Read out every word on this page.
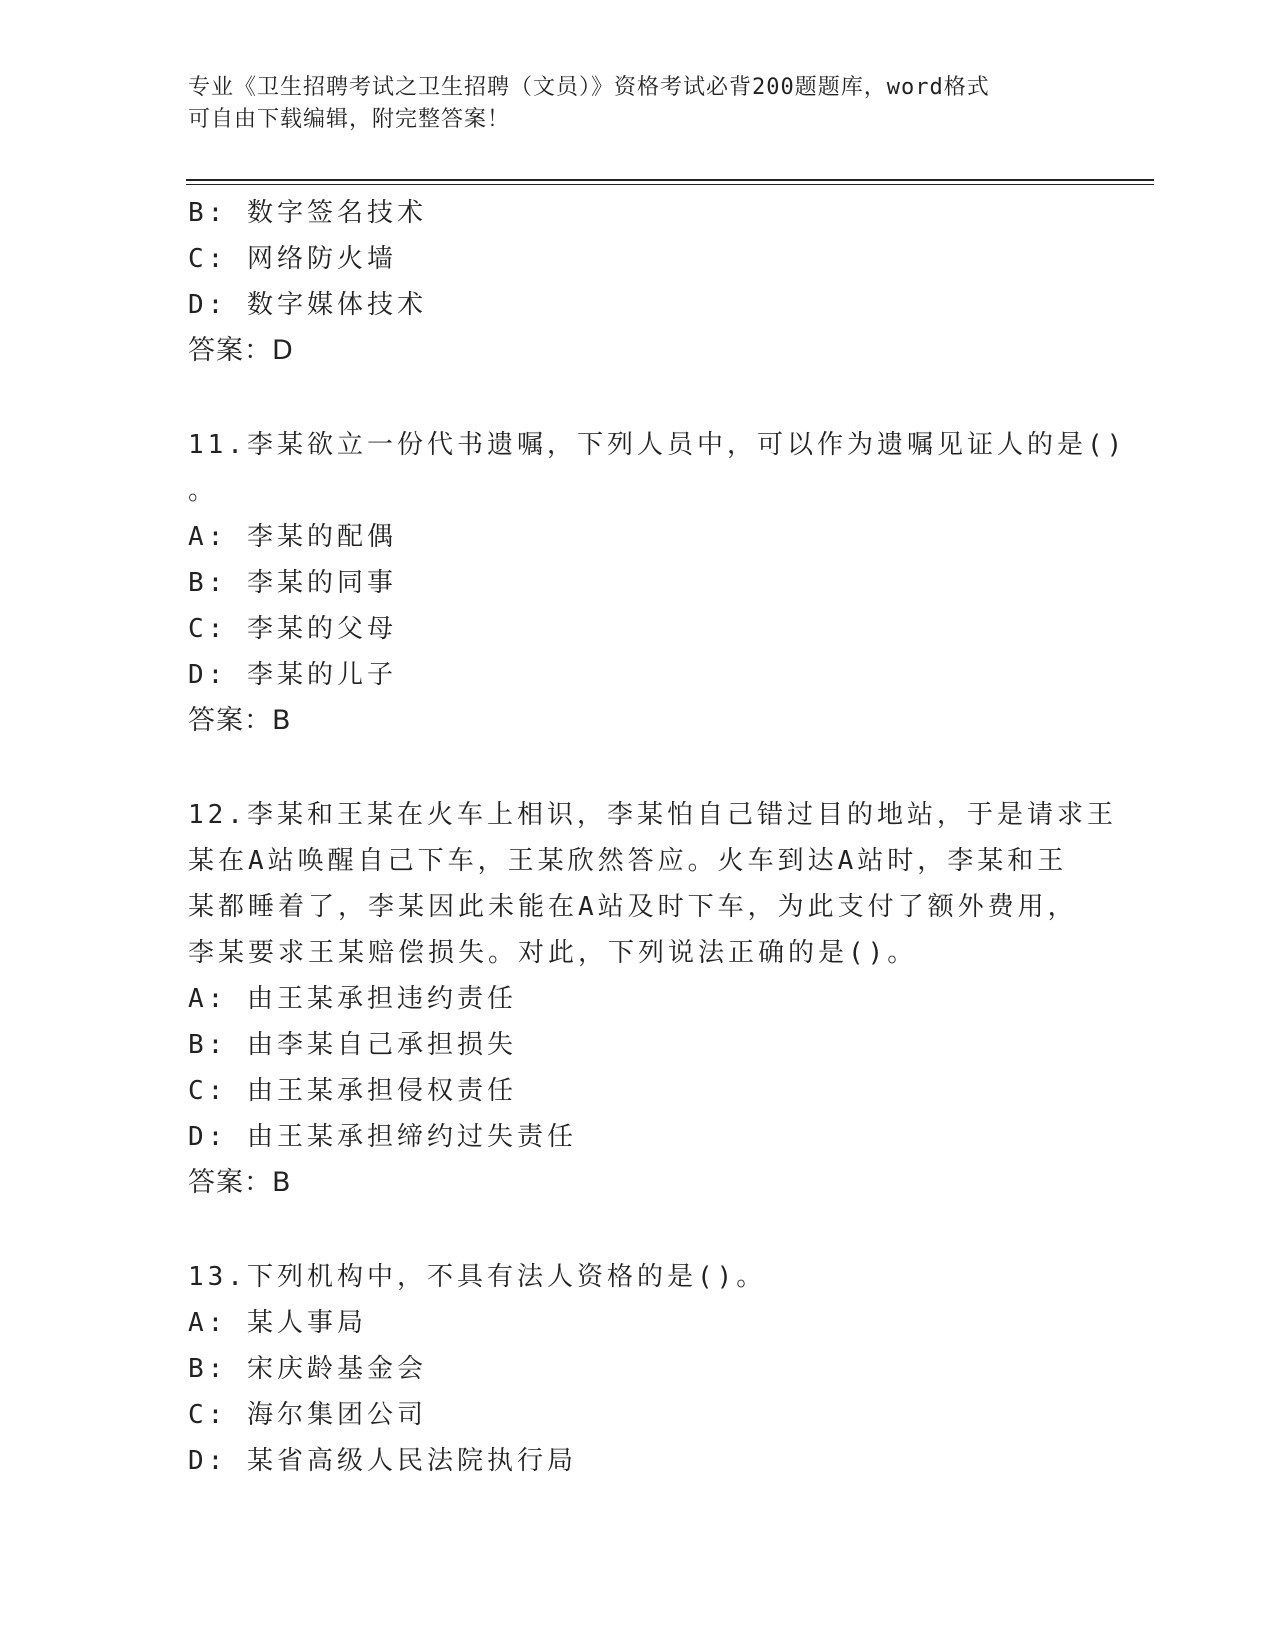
专业《卫生招聘考试之卫生招聘（文员）》资格考试必背200题题库，word格式
可自由下载编辑，附完整答案！
B: 数字签名技术
C: 网络防火墙
D: 数字媒体技术
答案：D
11.李某欲立一份代书遗嘱，下列人员中，可以作为遗嘱见证人的是()
。
A: 李某的配偶
B: 李某的同事
C: 李某的父母
D: 李某的儿子
答案：B
12.李某和王某在火车上相识，李某怕自己错过目的地站，于是请求王
某在A站唤醒自己下车，王某欣然答应。火车到达A站时，李某和王
某都睡着了，李某因此未能在A站及时下车，为此支付了额外费用，
李某要求王某赔偿损失。对此，下列说法正确的是()。
A: 由王某承担违约责任
B: 由李某自己承担损失
C: 由王某承担侵权责任
D: 由王某承担缔约过失责任
答案：B
13.下列机构中，不具有法人资格的是()。
A: 某人事局
B: 宋庆龄基金会
C: 海尔集团公司
D: 某省高级人民法院执行局
